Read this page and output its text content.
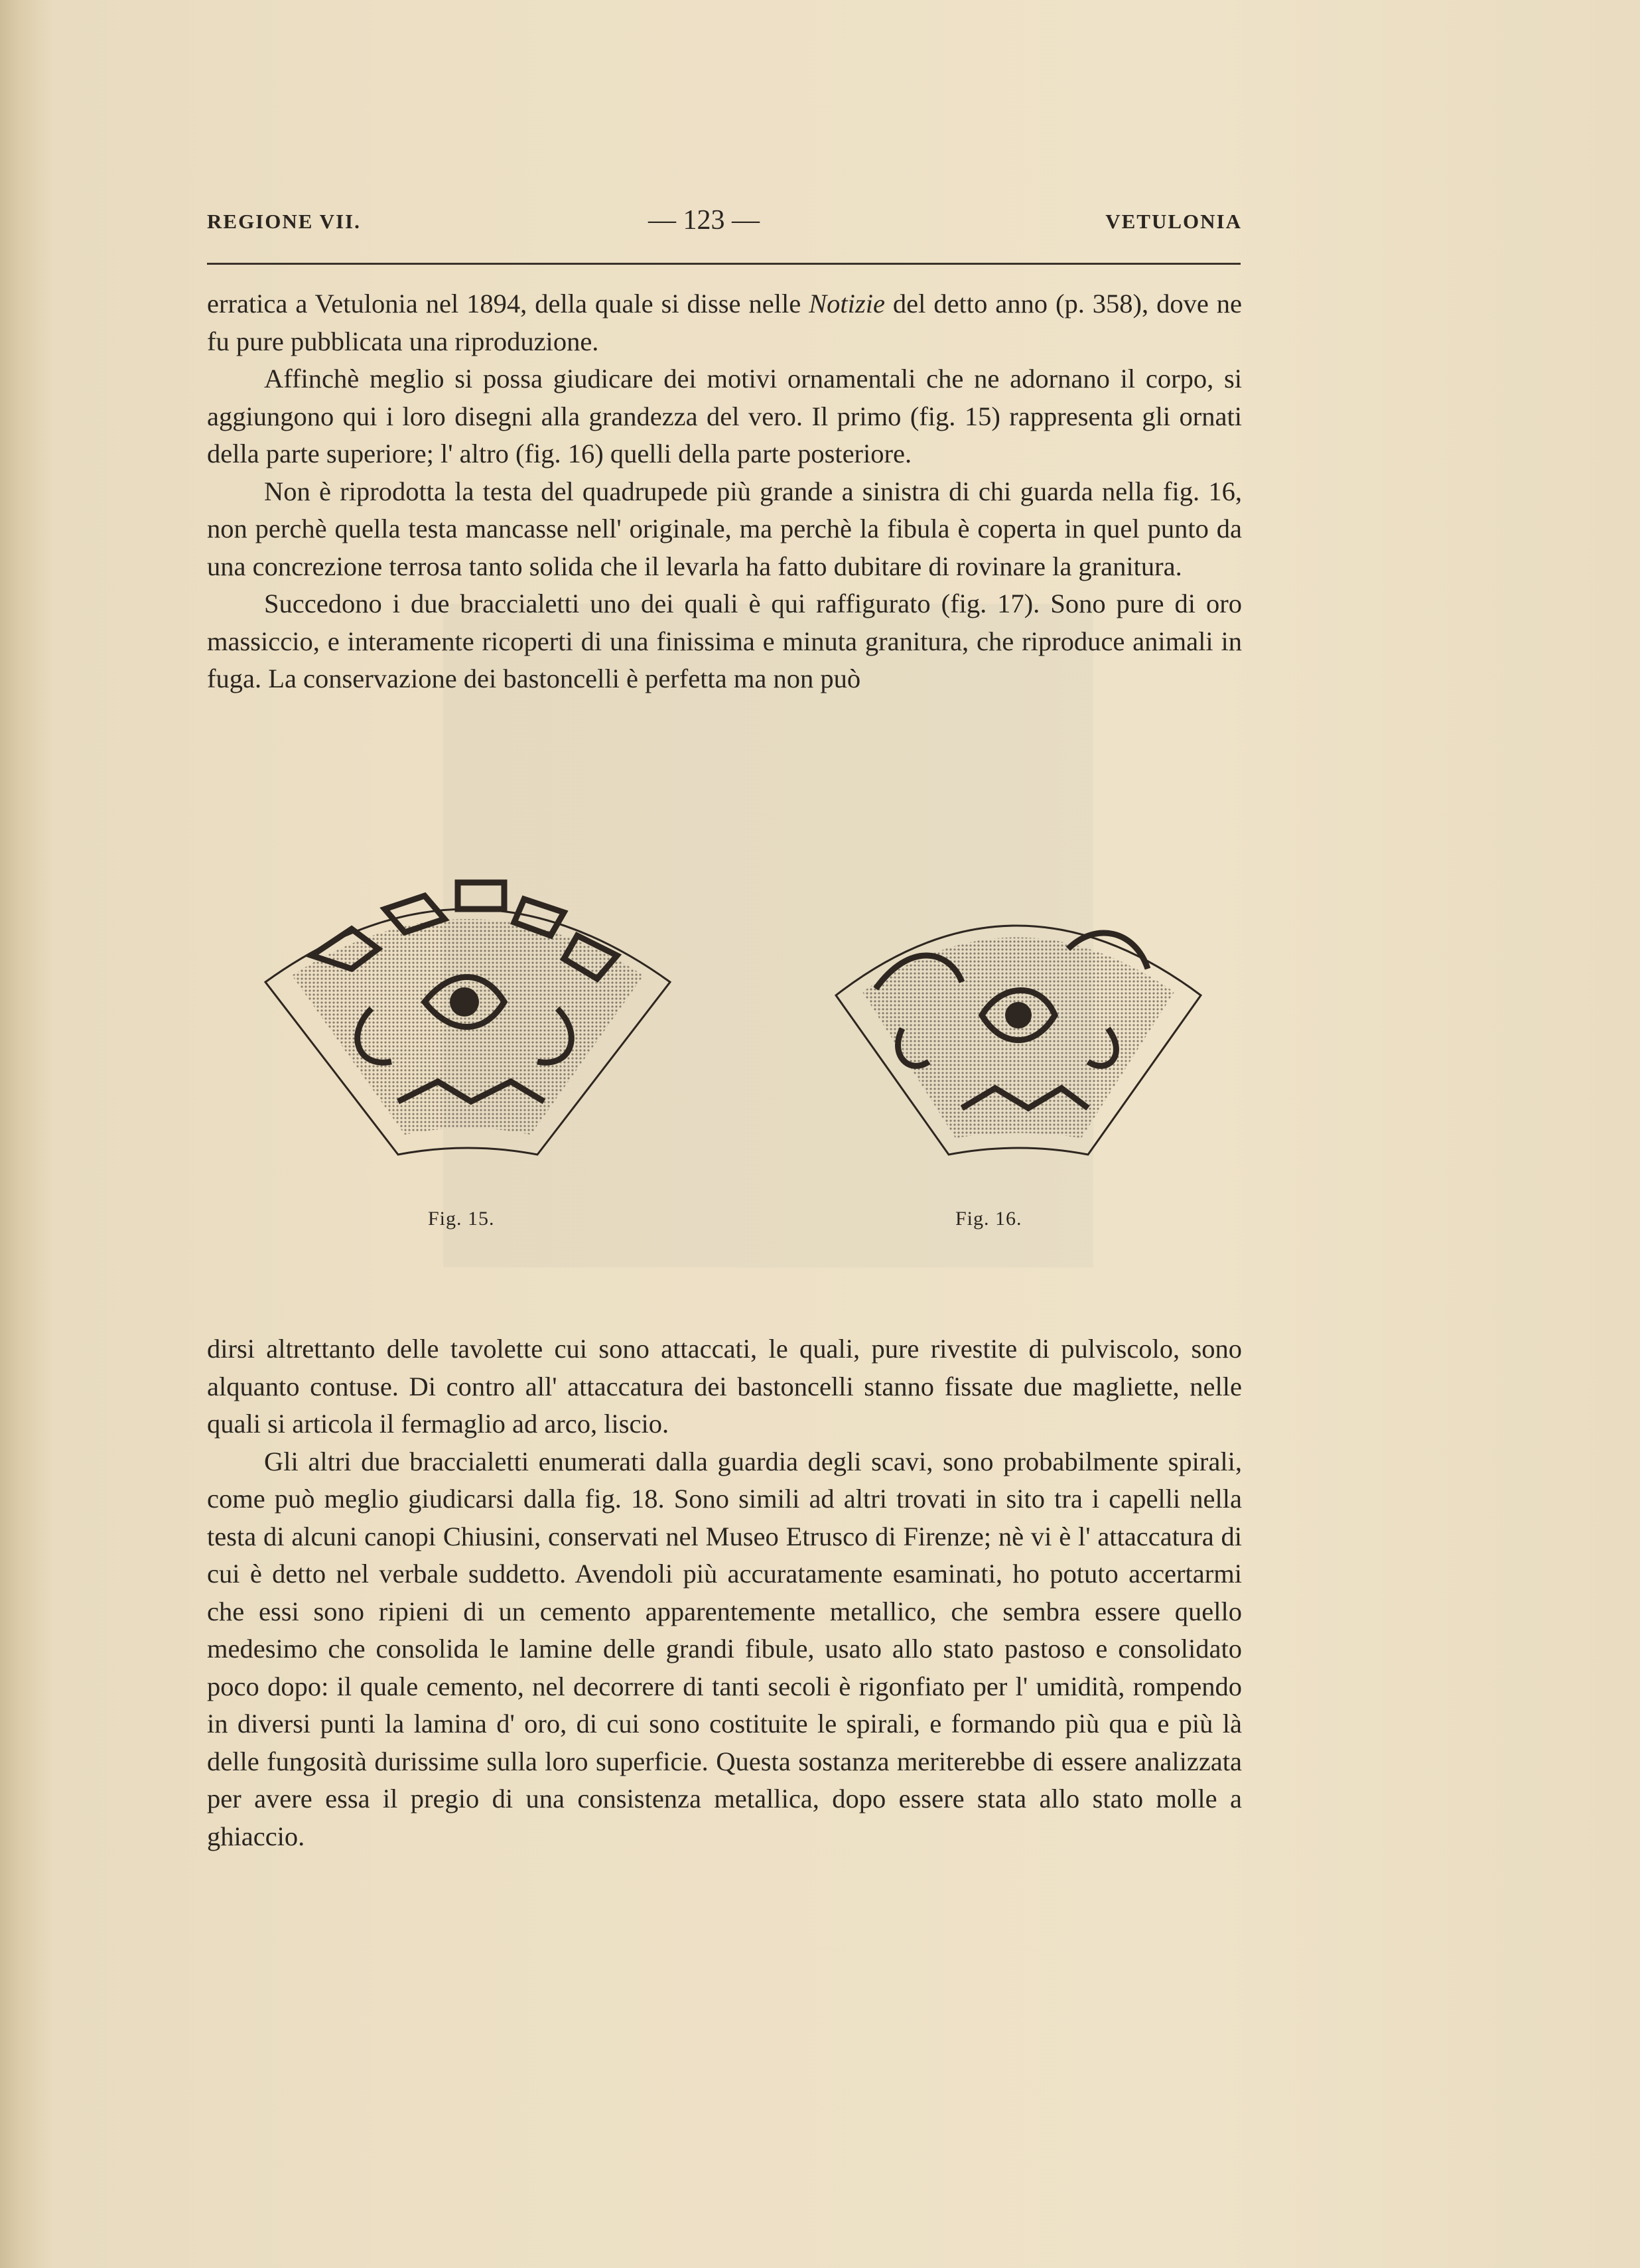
REGIONE VII.	— 123 —	VETULONIA

erratica a Vetulonia nel 1894, della quale si disse nelle Notizie del detto anno (p. 358), dove ne fu pure pubblicata una riproduzione.

Affinchè meglio si possa giudicare dei motivi ornamentali che ne adornano il corpo, si aggiungono qui i loro disegni alla grandezza del vero. Il primo (fig. 15) rappresenta gli ornati della parte superiore; l' altro (fig. 16) quelli della parte posteriore.

Non è riprodotta la testa del quadrupede più grande a sinistra di chi guarda nella fig. 16, non perchè quella testa mancasse nell' originale, ma perchè la fibula è coperta in quel punto da una concrezione terrosa tanto solida che il levarla ha fatto dubitare di rovinare la granitura.

Succedono i due braccialetti uno dei quali è qui raffigurato (fig. 17). Sono pure di oro massiccio, e interamente ricoperti di una finissima e minuta granitura, che riproduce animali in fuga. La conservazione dei bastoncelli è perfetta ma non può

Fig. 15.	Fig. 16.

dirsi altrettanto delle tavolette cui sono attaccati, le quali, pure rivestite di pulviscolo, sono alquanto contuse. Di contro all' attaccatura dei bastoncelli stanno fissate due magliette, nelle quali si articola il fermaglio ad arco, liscio.

Gli altri due braccialetti enumerati dalla guardia degli scavi, sono probabilmente spirali, come può meglio giudicarsi dalla fig. 18. Sono simili ad altri trovati in sito tra i capelli nella testa di alcuni canopi Chiusini, conservati nel Museo Etrusco di Firenze; nè vi è l' attaccatura di cui è detto nel verbale suddetto. Avendoli più accuratamente esaminati, ho potuto accertarmi che essi sono ripieni di un cemento apparentemente metallico, che sembra essere quello medesimo che consolida le lamine delle grandi fibule, usato allo stato pastoso e consolidato poco dopo: il quale cemento, nel decorrere di tanti secoli è rigonfiato per l' umidità, rompendo in diversi punti la lamina d' oro, di cui sono costituite le spirali, e formando più qua e più là delle fungosità durissime sulla loro superficie. Questa sostanza meriterebbe di essere analizzata per avere essa il pregio di una consistenza metallica, dopo essere stata allo stato molle a ghiaccio.
